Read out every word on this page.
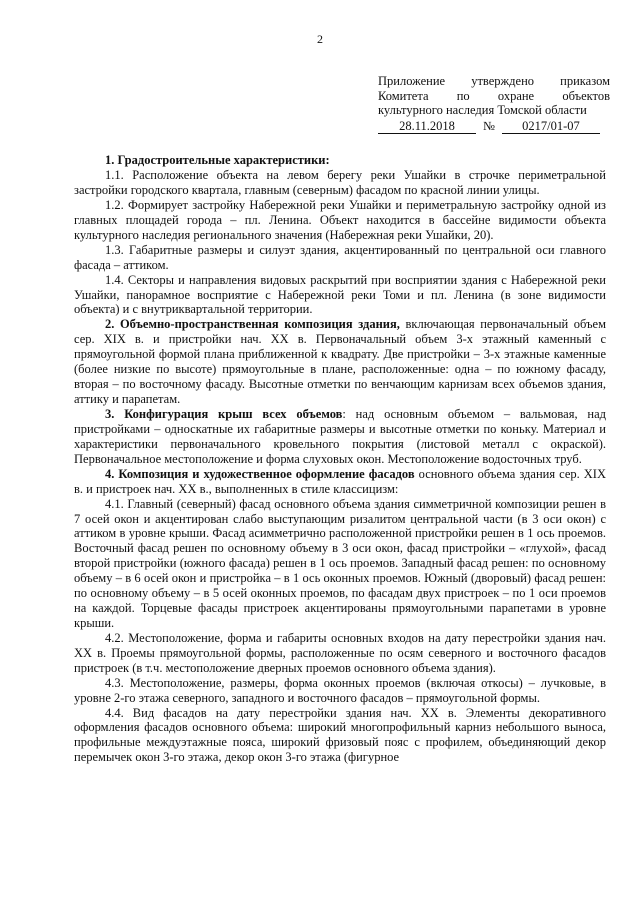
2
Приложение утверждено приказом
Комитета по охране объектов
культурного наследия Томской области
28.11.2018	№	0217/01-07

1. Градостроительные характеристики:

1.1. Расположение объекта на левом берегу реки Ушайки в строчке периметральной застройки городского квартала, главным (северным) фасадом по красной линии улицы.

1.2. Формирует застройку Набережной реки Ушайки и периметральную застройку одной из главных площадей города – пл. Ленина. Объект находится в бассейне видимости объекта культурного наследия регионального значения (Набережная реки Ушайки, 20).

1.3. Габаритные размеры и силуэт здания, акцентированный по центральной оси главного фасада – аттиком.

1.4. Секторы и направления видовых раскрытий при восприятии здания с Набережной реки Ушайки, панорамное восприятие с Набережной реки Томи и пл. Ленина (в зоне видимости объекта) и с внутриквартальной территории.

2. Объемно-пространственная композиция здания, включающая первоначальный объем сер. XIX в. и пристройки нач. XX в. Первоначальный объем 3-х этажный каменный с прямоугольной формой плана приближенной к квадрату. Две пристройки – 3-х этажные каменные (более низкие по высоте) прямоугольные в плане, расположенные: одна – по южному фасаду, вторая – по восточному фасаду. Высотные отметки по венчающим карнизам всех объемов здания, аттику и парапетам.

3. Конфигурация крыш всех объемов: над основным объемом – вальмовая, над пристройками – односкатные их габаритные размеры и высотные отметки по коньку. Материал и характеристики первоначального кровельного покрытия (листовой металл с окраской). Первоначальное местоположение и форма слуховых окон. Местоположение водосточных труб.

4. Композиция и художественное оформление фасадов основного объема здания сер. XIX в. и пристроек нач. XX в., выполненных в стиле классицизм:

4.1. Главный (северный) фасад основного объема здания симметричной композиции решен в 7 осей окон и акцентирован слабо выступающим ризалитом центральной части (в 3 оси окон) с аттиком в уровне крыши. Фасад асимметрично расположенной пристройки решен в 1 ось проемов. Восточный фасад решен по основному объему в 3 оси окон, фасад пристройки – «глухой», фасад второй пристройки (южного фасада) решен в 1 ось проемов. Западный фасад решен: по основному объему – в 6 осей окон и пристройка – в 1 ось оконных проемов. Южный (дворовый) фасад решен: по основному объему – в 5 осей оконных проемов, по фасадам двух пристроек – по 1 оси проемов на каждой. Торцевые фасады пристроек акцентированы прямоугольными парапетами в уровне крыши.

4.2. Местоположение, форма и габариты основных входов на дату перестройки здания нач. XX в. Проемы прямоугольной формы, расположенные по осям северного и восточного фасадов пристроек (в т.ч. местоположение дверных проемов основного объема здания).

4.3. Местоположение, размеры, форма оконных проемов (включая откосы) – лучковые, в уровне 2-го этажа северного, западного и восточного фасадов – прямоугольной формы.

4.4. Вид фасадов на дату перестройки здания нач. XX в. Элементы декоративного оформления фасадов основного объема: широкий многопрофильный карниз небольшого выноса, профильные междуэтажные пояса, широкий фризовый пояс с профилем, объединяющий декор перемычек окон 3-го этажа, декор окон 3-го этажа (фигурное
